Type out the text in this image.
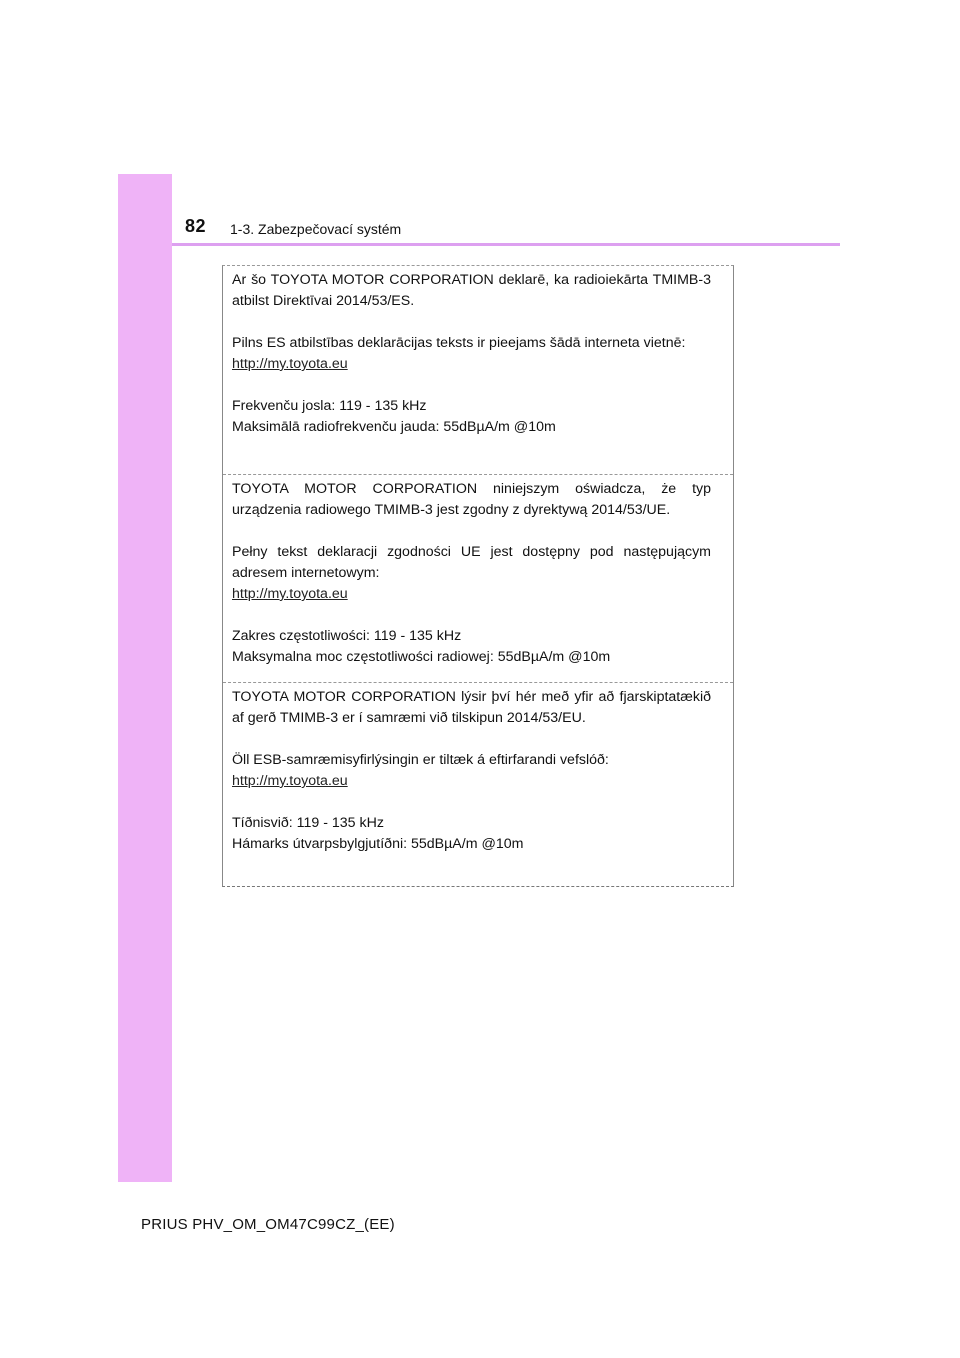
82 1-3. Zabezpečovací systém

Ar šo TOYOTA MOTOR CORPORATION deklarē, ka radioiekārta TMIMB-3 atbilst Direktīvai 2014/53/ES.

Pilns ES atbilstības deklarācijas teksts ir pieejams šādā interneta vietnē:

http://my.toyota.eu
Frekvenču josla: 119 - 135 kHz
Maksimālā radiofrekvenču jauda: 55dBµA/m @10m

TOYOTA MOTOR CORPORATION niniejszym oświadcza, że typ urządzenia radiowego TMIMB-3 jest zgodny z dyrektywą 2014/53/UE.

Pełny tekst deklaracji zgodności UE jest dostępny pod następującym adresem internetowym:

http://my.toyota.eu
Zakres częstotliwości: 119 - 135 kHz
Maksymalna moc częstotliwości radiowej: 55dBµA/m @10m

TOYOTA MOTOR CORPORATION lýsir því hér með yfir að fjarskiptatækið af gerð TMIMB-3 er í samræmi við tilskipun 2014/53/EU.

Öll ESB-samræmisyfirlýsingin er tiltæk á eftirfarandi vefslóð:

http://my.toyota.eu
Tíðnisvið: 119 - 135 kHz
Hámarks útvarpsbylgjutíðni: 55dBµA/m @10m
PRIUS PHV_OM_OM47C99CZ_(EE)
